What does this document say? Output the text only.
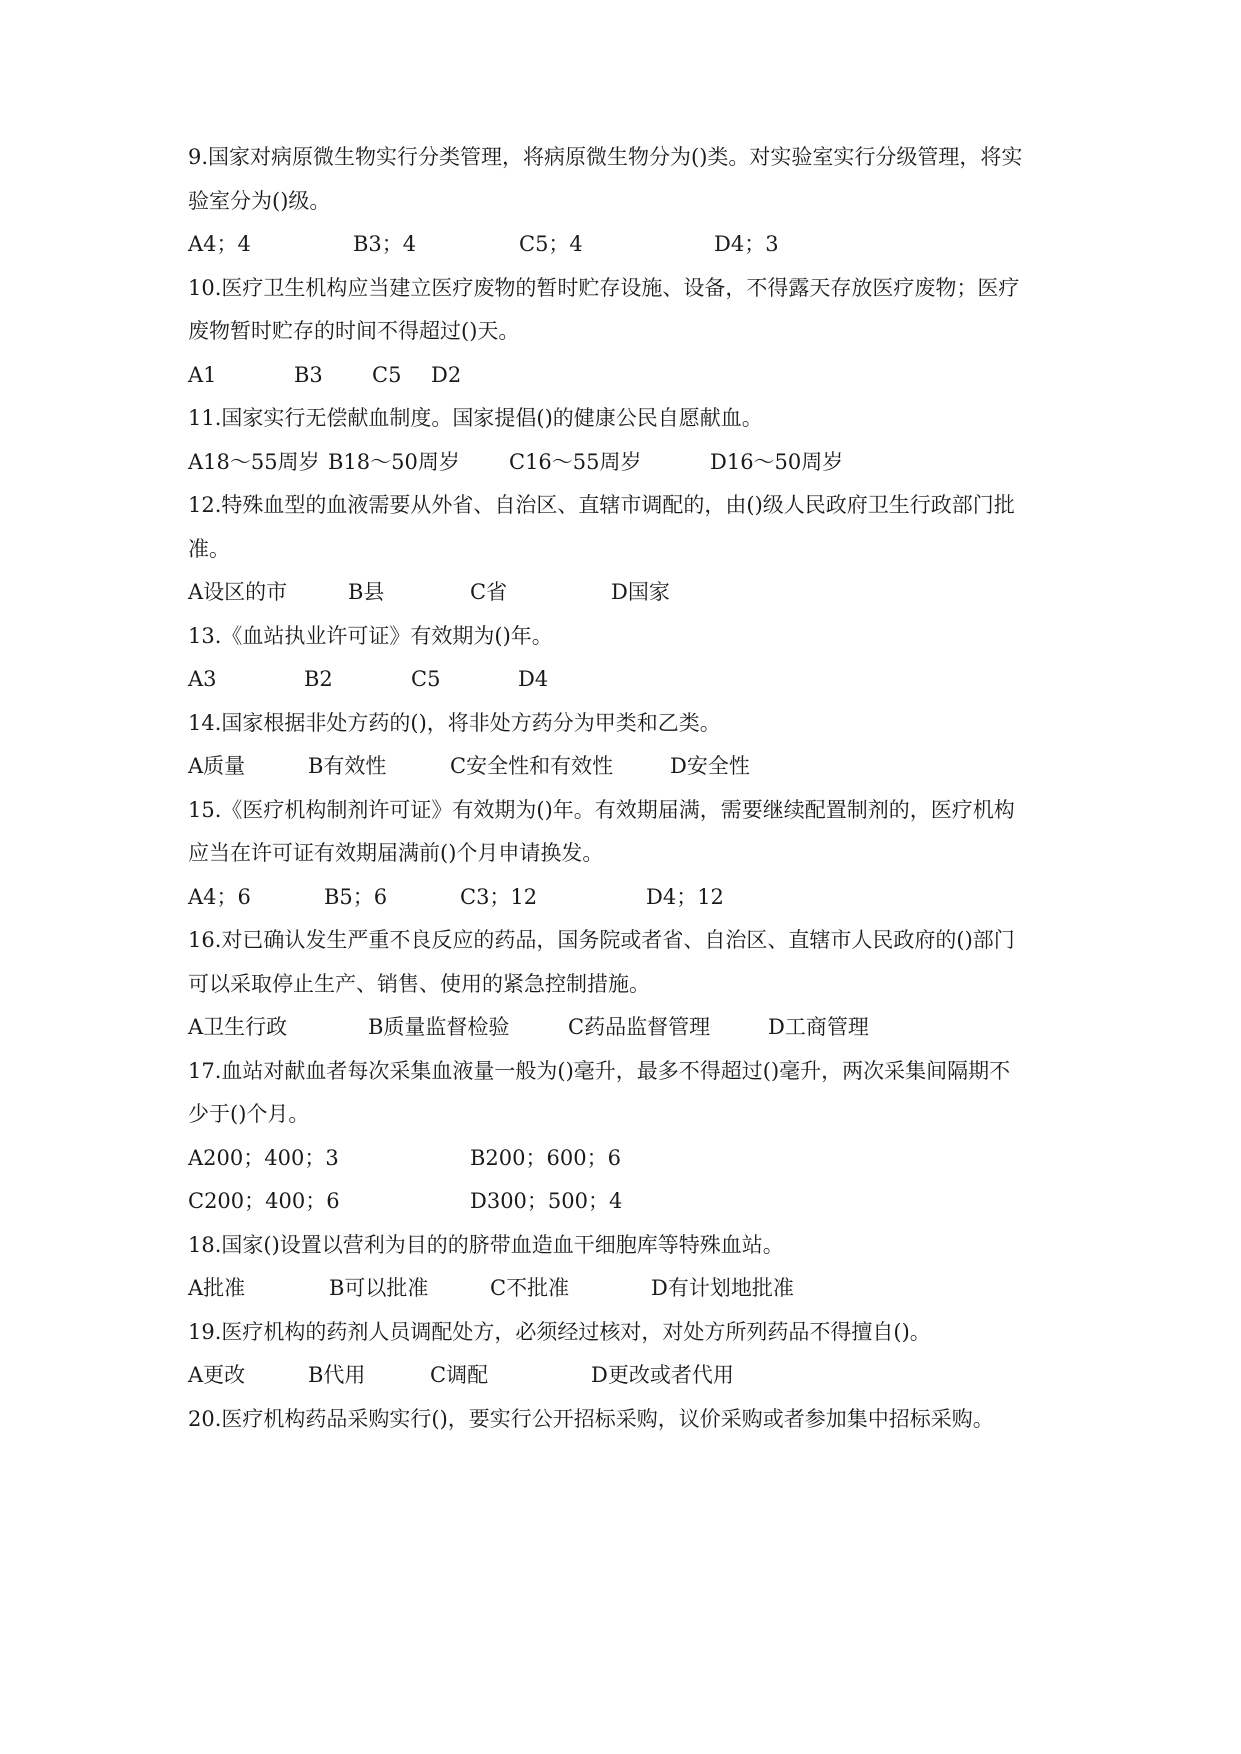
9.国家对病原微生物实行分类管理，将病原微生物分为()类。对实验室实行分级管理，将实
验室分为()级。
A4；4	B3；4	C5；4	D4；3
10.医疗卫生机构应当建立医疗废物的暂时贮存设施、设备，不得露天存放医疗废物；医疗
废物暂时贮存的时间不得超过()天。
A1	B3 C5 D2
11.国家实行无偿献血制度。国家提倡()的健康公民自愿献血。
A18～55周岁 B18～50周岁 C16～55周岁	D16～50周岁
12.特殊血型的血液需要从外省、自治区、直辖市调配的，由()级人民政府卫生行政部门批
准。
A设区的市	B县	C省	D国家
13.《血站执业许可证》有效期为()年。
A3	B2	C5	D4
14.国家根据非处方药的()，将非处方药分为甲类和乙类。
A质量	B有效性	C安全性和有效性	D安全性
15.《医疗机构制剂许可证》有效期为()年。有效期届满，需要继续配置制剂的，医疗机构
应当在许可证有效期届满前()个月申请换发。
A4；6	B5；6	C3；12	D4；12
16.对已确认发生严重不良反应的药品，国务院或者省、自治区、直辖市人民政府的()部门
可以采取停止生产、销售、使用的紧急控制措施。
A卫生行政	B质量监督检验	C药品监督管理	D工商管理
17.血站对献血者每次采集血液量一般为()毫升，最多不得超过()毫升，两次采集间隔期不
少于()个月。
A200；400；3	B200；600；6
C200；400；6	D300；500；4
18.国家()设置以营利为目的的脐带血造血干细胞库等特殊血站。
A批准	B可以批准	C不批准	D有计划地批准
19.医疗机构的药剂人员调配处方，必须经过核对，对处方所列药品不得擅自()。
A更改	B代用	C调配	D更改或者代用
20.医疗机构药品采购实行()，要实行公开招标采购，议价采购或者参加集中招标采购。
